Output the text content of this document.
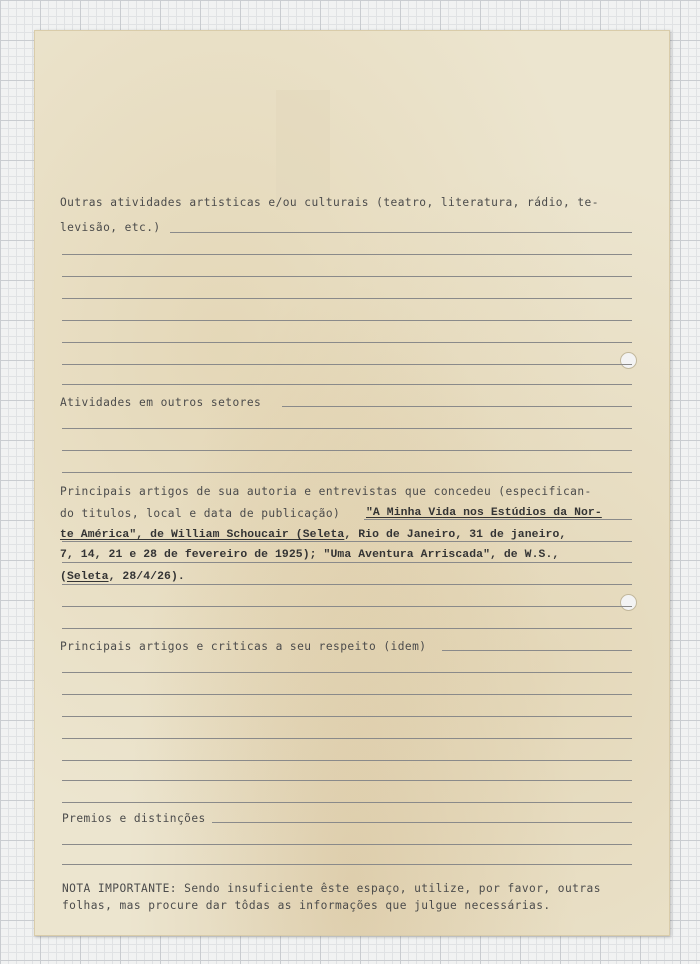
Outras atividades artisticas e/ou culturais (teatro, literatura, rádio, te-
levisão, etc.)
Atividades em outros setores
Principais artigos de sua autoria e entrevistas que concedeu (especifican-
do titulos, local e data de publicação) "A Minha Vida nos Estúdios da Nor-
te América", de William Schoucair (Seleta, Rio de Janeiro, 31 de janeiro,
7, 14, 21 e 28 de fevereiro de 1925); "Uma Aventura Arriscada", de W.S.,
(Seleta, 28/4/26).
Principais artigos e criticas a seu respeito (idem)
Premios e distinções
NOTA IMPORTANTE: Sendo insuficiente êste espaço, utilize, por favor, outras
folhas, mas procure dar tôdas as informações que julgue necessárias.
